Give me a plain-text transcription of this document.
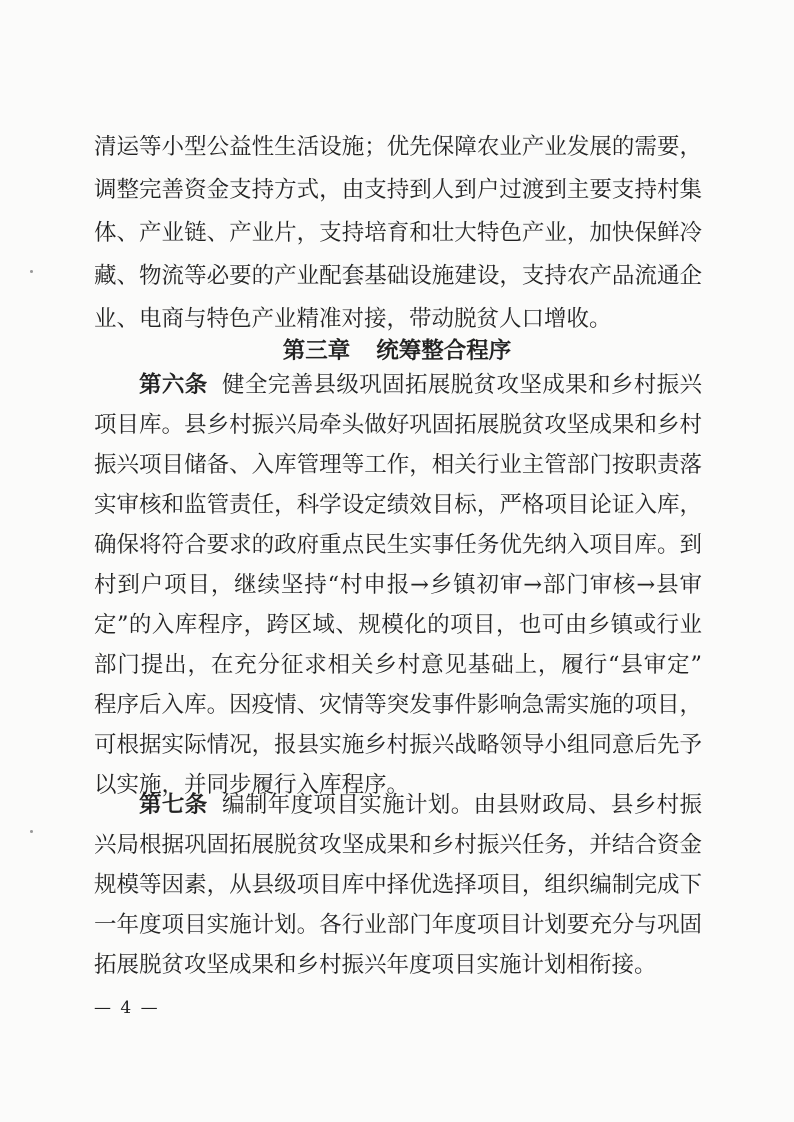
清运等小型公益性生活设施；优先保障农业产业发展的需要，
调整完善资金支持方式，由支持到人到户过渡到主要支持村集
体、产业链、产业片，支持培育和壮大特色产业，加快保鲜冷
藏、物流等必要的产业配套基础设施建设，支持农产品流通企
业、电商与特色产业精准对接，带动脱贫人口增收。
第三章 统筹整合程序
第六条 健全完善县级巩固拓展脱贫攻坚成果和乡村振兴
项目库。县乡村振兴局牵头做好巩固拓展脱贫攻坚成果和乡村
振兴项目储备、入库管理等工作，相关行业主管部门按职责落
实审核和监管责任，科学设定绩效目标，严格项目论证入库，
确保将符合要求的政府重点民生实事任务优先纳入项目库。到
村到户项目，继续坚持“村申报→乡镇初审→部门审核→县审
定”的入库程序，跨区域、规模化的项目，也可由乡镇或行业
部门提出，在充分征求相关乡村意见基础上，履行“县审定”
程序后入库。因疫情、灾情等突发事件影响急需实施的项目，
可根据实际情况，报县实施乡村振兴战略领导小组同意后先予
以实施，并同步履行入库程序。
第七条 编制年度项目实施计划。由县财政局、县乡村振
兴局根据巩固拓展脱贫攻坚成果和乡村振兴任务，并结合资金
规模等因素，从县级项目库中择优选择项目，组织编制完成下
一年度项目实施计划。各行业部门年度项目计划要充分与巩固
拓展脱贫攻坚成果和乡村振兴年度项目实施计划相衔接。
— 4 —
